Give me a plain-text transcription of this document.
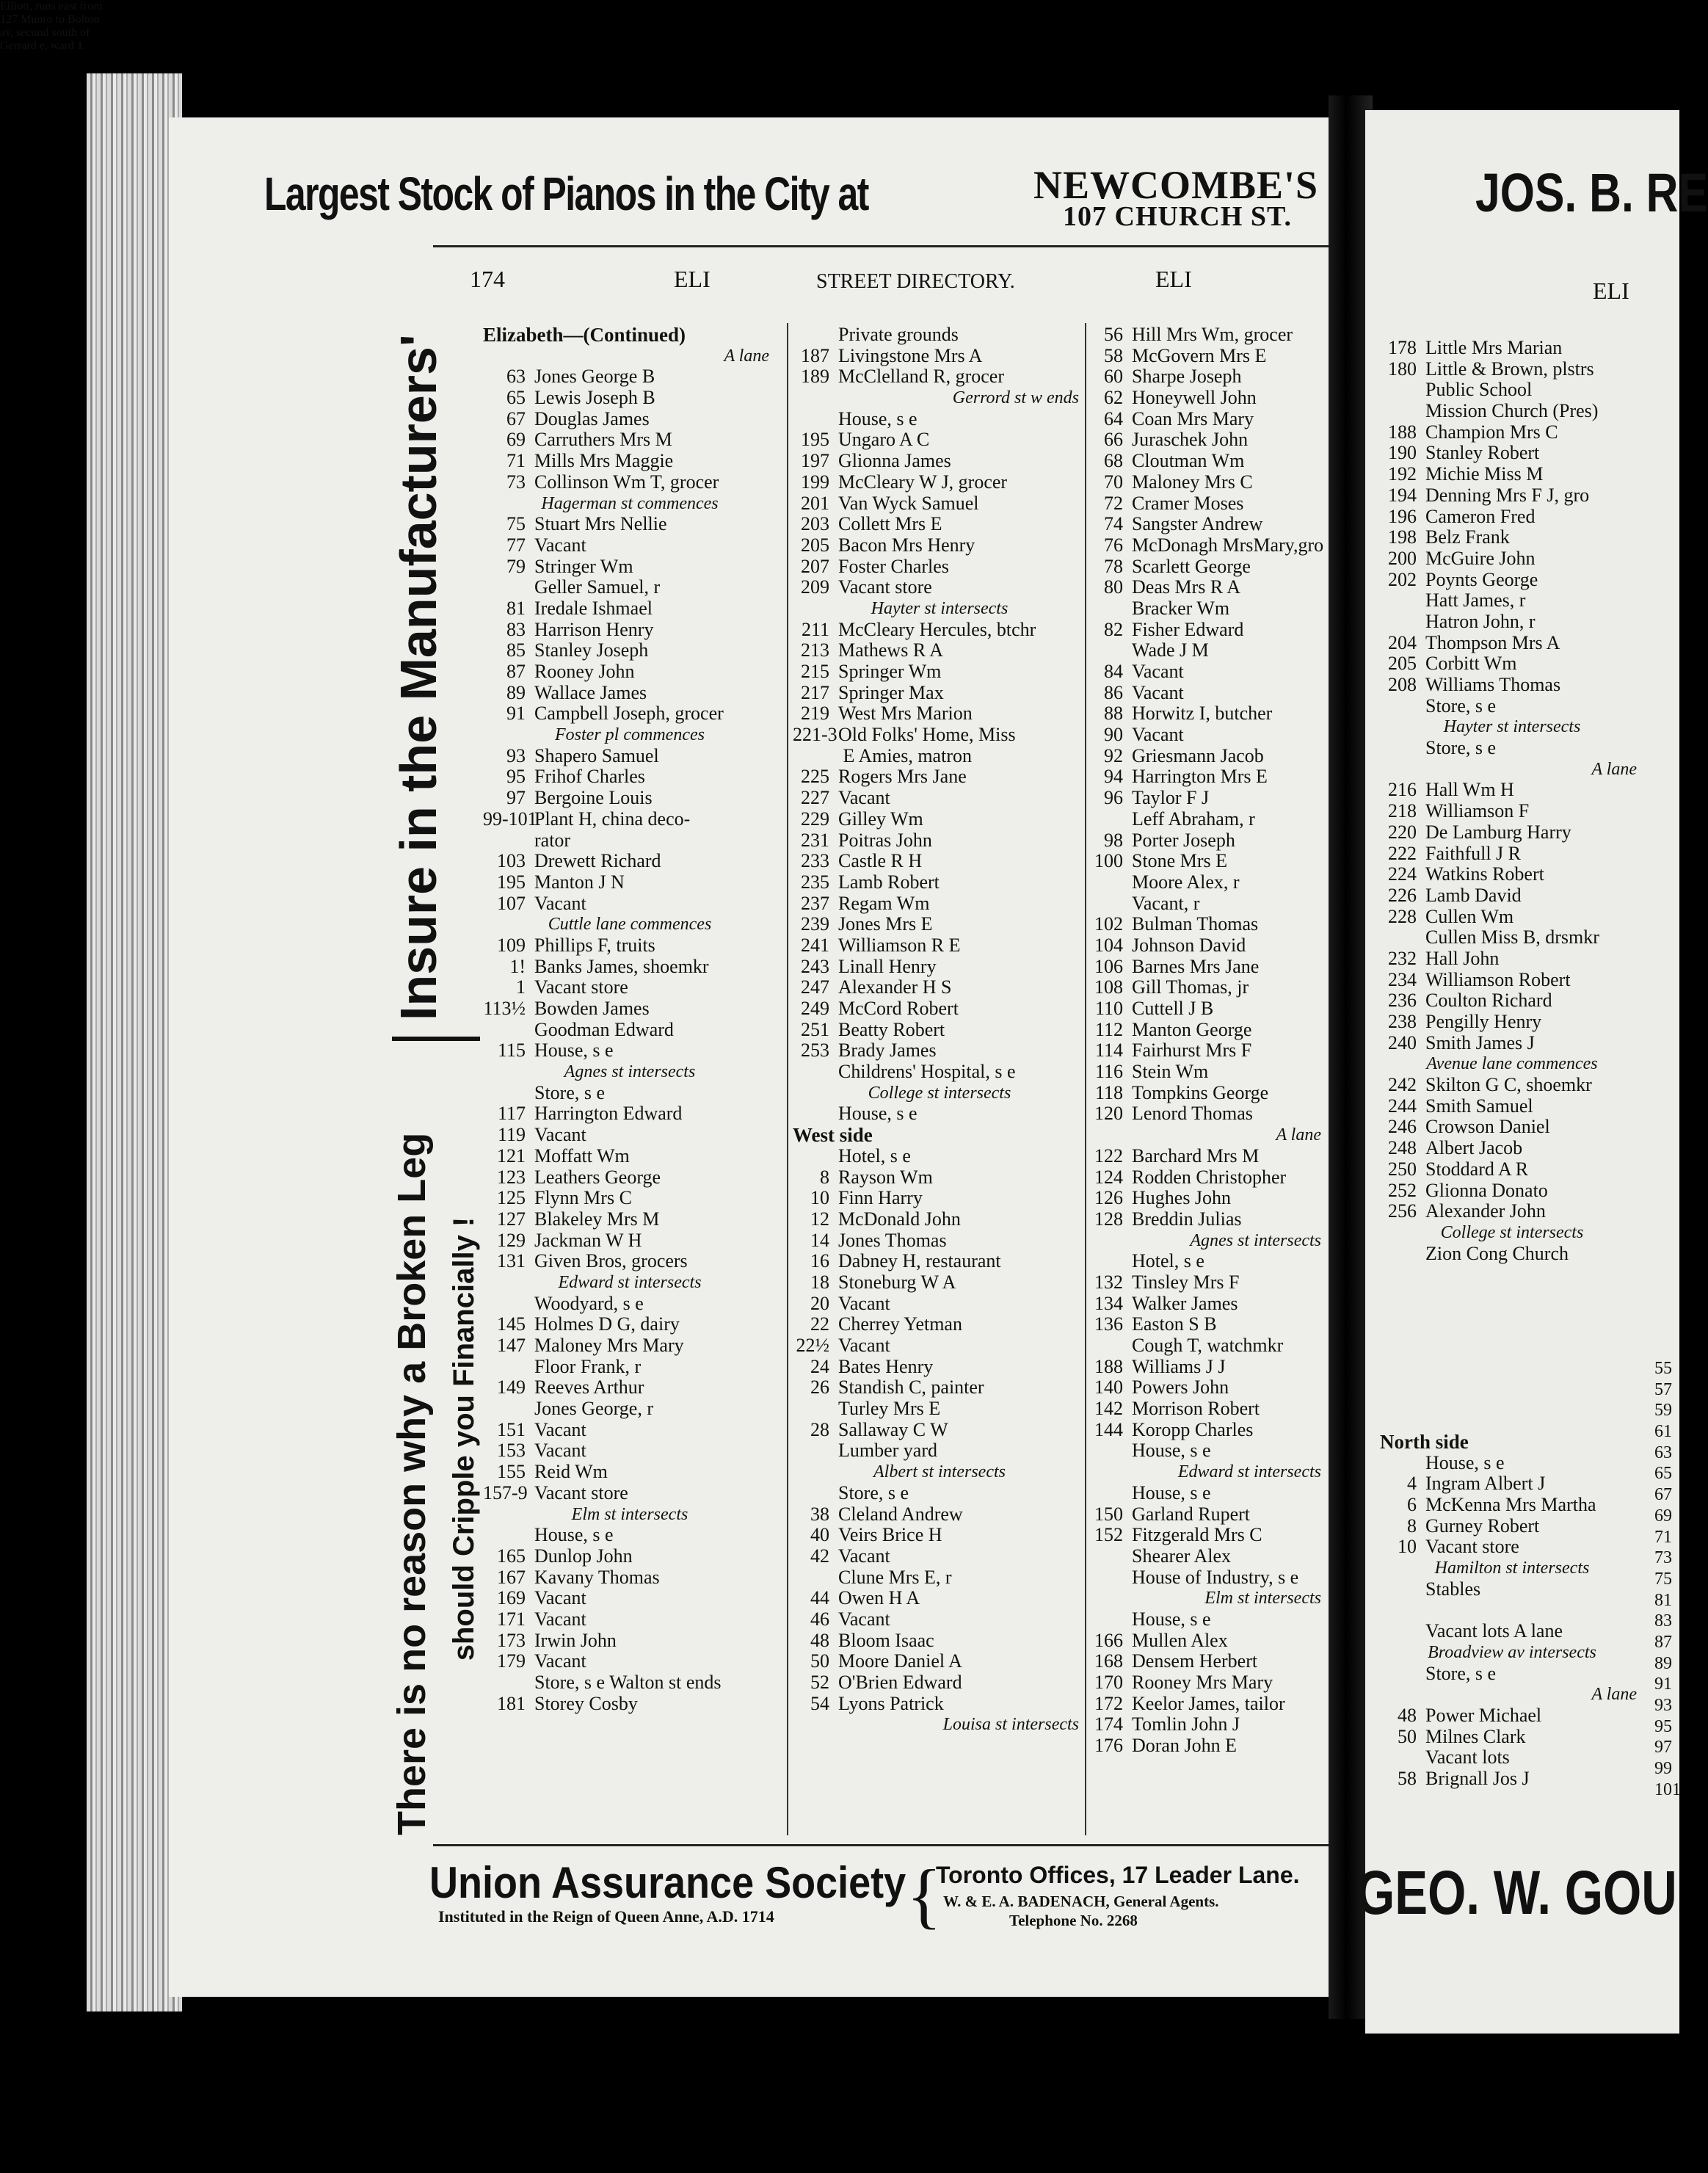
Largest Stock of Pianos in the City at	NEWCOMBE'S
107 CHURCH ST.
174	ELI	STREET DIRECTORY.	ELI
There is no reason why a Broken Leg should Cripple you Financially !
Insure in the Manufacturers' Elizabeth—(Continued)
A lane
63 Jones George B
65 Lewis Joseph B
67 Douglas James
69 Carruthers Mrs M
71 Mills Mrs Maggie
73 Collinson Wm T, grocer
Hagerman st commences
75 Stuart Mrs Nellie
77 Vacant
79 Stringer Wm
Geller Samuel, r
81 Iredale Ishmael
83 Harrison Henry
85 Stanley Joseph
87 Rooney John
89 Wallace James
91 Campbell Joseph, grocer
Foster pl commences
93 Shapero Samuel
95 Frihof Charles
97 Bergoine Louis
99-101Plant H, china deco-
rator
103 Drewett Richard
195 Manton J N
107 Vacant
Cuttle lane commences
109 Phillips F, truits
1! Banks James, shoemkr
1 Vacant store
113½ Bowden James
Goodman Edward
115 House, s e
Agnes st intersects
Store, s e
117 Harrington Edward
119 Vacant
121 Moffatt Wm
123 Leathers George
125 Flynn Mrs C
127 Blakeley Mrs M
129 Jackman W H
131 Given Bros, grocers
Edward st intersects
Woodyard, s e
145 Holmes D G, dairy
147 Maloney Mrs Mary
Floor Frank, r
149 Reeves Arthur
Jones George, r
151 Vacant
153 Vacant
155 Reid Wm
157-9 Vacant store
Elm st intersects
House, s e
165 Dunlop John
167 Kavany Thomas
169 Vacant
171 Vacant
173 Irwin John
179 Vacant
Store, s e Walton st ends
181 Storey Cosby
Private grounds
187 Livingstone Mrs A
189 McClelland R, grocer
Gerrord st w ends
House, s e
195 Ungaro A C
197 Glionna James
199 McCleary W J, grocer
201 Van Wyck Samuel
203 Collett Mrs E
205 Bacon Mrs Henry
207 Foster Charles
209 Vacant store
Hayter st intersects
211 McCleary Hercules, btchr
213 Mathews R A
215 Springer Wm
217 Springer Max
219 West Mrs Marion
221-3Old Folks' Home, Miss
E Amies, matron
225 Rogers Mrs Jane
227 Vacant
229 Gilley Wm
231 Poitras John
233 Castle R H
235 Lamb Robert
237 Regam Wm
239 Jones Mrs E
241 Williamson R E
243 Linall Henry
247 Alexander H S
249 McCord Robert
251 Beatty Robert
253 Brady James
Childrens' Hospital, s e
College st intersects
House, s e
West side
Hotel, s e
8 Rayson Wm
10 Finn Harry
12 McDonald John
14 Jones Thomas
16 Dabney H, restaurant
18 Stoneburg W A
20 Vacant
22 Cherrey Yetman
22½ Vacant
24 Bates Henry
26 Standish C, painter
Turley Mrs E
28 Sallaway C W
Lumber yard
Albert st intersects
Store, s e
38 Cleland Andrew
40 Veirs Brice H
42 Vacant
Clune Mrs E, r
44 Owen H A
46 Vacant
48 Bloom Isaac
50 Moore Daniel A
52 O'Brien Edward
54 Lyons Patrick
Louisa st intersects
56 Hill Mrs Wm, grocer
58 McGovern Mrs E
60 Sharpe Joseph
62 Honeywell John
64 Coan Mrs Mary
66 Juraschek John
68 Cloutman Wm
70 Maloney Mrs C
72 Cramer Moses
74 Sangster Andrew
76 McDonagh MrsMary,gro
78 Scarlett George
80 Deas Mrs R A
Bracker Wm
82 Fisher Edward
Wade J M
84 Vacant
86 Vacant
88 Horwitz I, butcher
90 Vacant
92 Griesmann Jacob
94 Harrington Mrs E
96 Taylor F J
Leff Abraham, r
98 Porter Joseph
100 Stone Mrs E
Moore Alex, r
Vacant, r
102 Bulman Thomas
104 Johnson David
106 Barnes Mrs Jane
108 Gill Thomas, jr
110 Cuttell J B
112 Manton George
114 Fairhurst Mrs F
116 Stein Wm
118 Tompkins George
120 Lenord Thomas
A lane
122 Barchard Mrs M
124 Rodden Christopher
126 Hughes John
128 Breddin Julias
Agnes st intersects
Hotel, s e
132 Tinsley Mrs F
134 Walker James
136 Easton S B
Cough T, watchmkr
188 Williams J J
140 Powers John
142 Morrison Robert
144 Koropp Charles
House, s e
Edward st intersects
House, s e
150 Garland Rupert
152 Fitzgerald Mrs C
Shearer Alex
House of Industry, s e
Elm st intersects
House, s e
166 Mullen Alex
168 Densem Herbert
170 Rooney Mrs Mary
172 Keelor James, tailor
174 Tomlin John J
176 Doran John E
178 Little Mrs Marian
180 Little & Brown, plstrs
Public School
Mission Church (Pres)
188 Champion Mrs C
190 Stanley Robert
192 Michie Miss M
194 Denning Mrs F J, gro
196 Cameron Fred
198 Belz Frank
200 McGuire John
202 Poynts George
Hatt James, r
Hatron John, r
204 Thompson Mrs A
205 Corbitt Wm
208 Williams Thomas
Store, s e
Hayter st intersects
Store, s e
A lane
216 Hall Wm H
218 Williamson F
220 De Lamburg Harry
222 Faithfull J R
224 Watkins Robert
226 Lamb David
228 Cullen Wm
Cullen Miss B, drsmkr
232 Hall John
234 Williamson Robert
236 Coulton Richard
238 Pengilly Henry
240 Smith James J
Avenue lane commences
242 Skilton G C, shoemkr
244 Smith Samuel
246 Crowson Daniel
248 Albert Jacob
250 Stoddard A R
252 Glionna Donato
256 Alexander John
College st intersects
Zion Cong Church
Elliott, runs east from
127 Munro to Bolton
av, second south of
Gerrard e, ward 1.
North side
House, s e
4 Ingram Albert J
6 McKenna Mrs Martha
8 Gurney Robert
10 Vacant store
Hamilton st intersects
Stables
Vacant lots A lane
Broadview av intersects
Store, s e
A lane
48 Power Michael
50 Milnes Clark
Vacant lots
58 Brignall Jos J
JOS. B. RE
ELI
55
57
59
61
63
65
67
69
71
73
75
81
83
87
89
91
93
95
97
99
101
GEO. W. GOU
Union Assurance Society
Instituted in the Reign of Queen Anne, A.D. 1714 {
Toronto Offices, 17 Leader Lane.
W. & E. A. BADENACH, General Agents.
Telephone No. 2268
